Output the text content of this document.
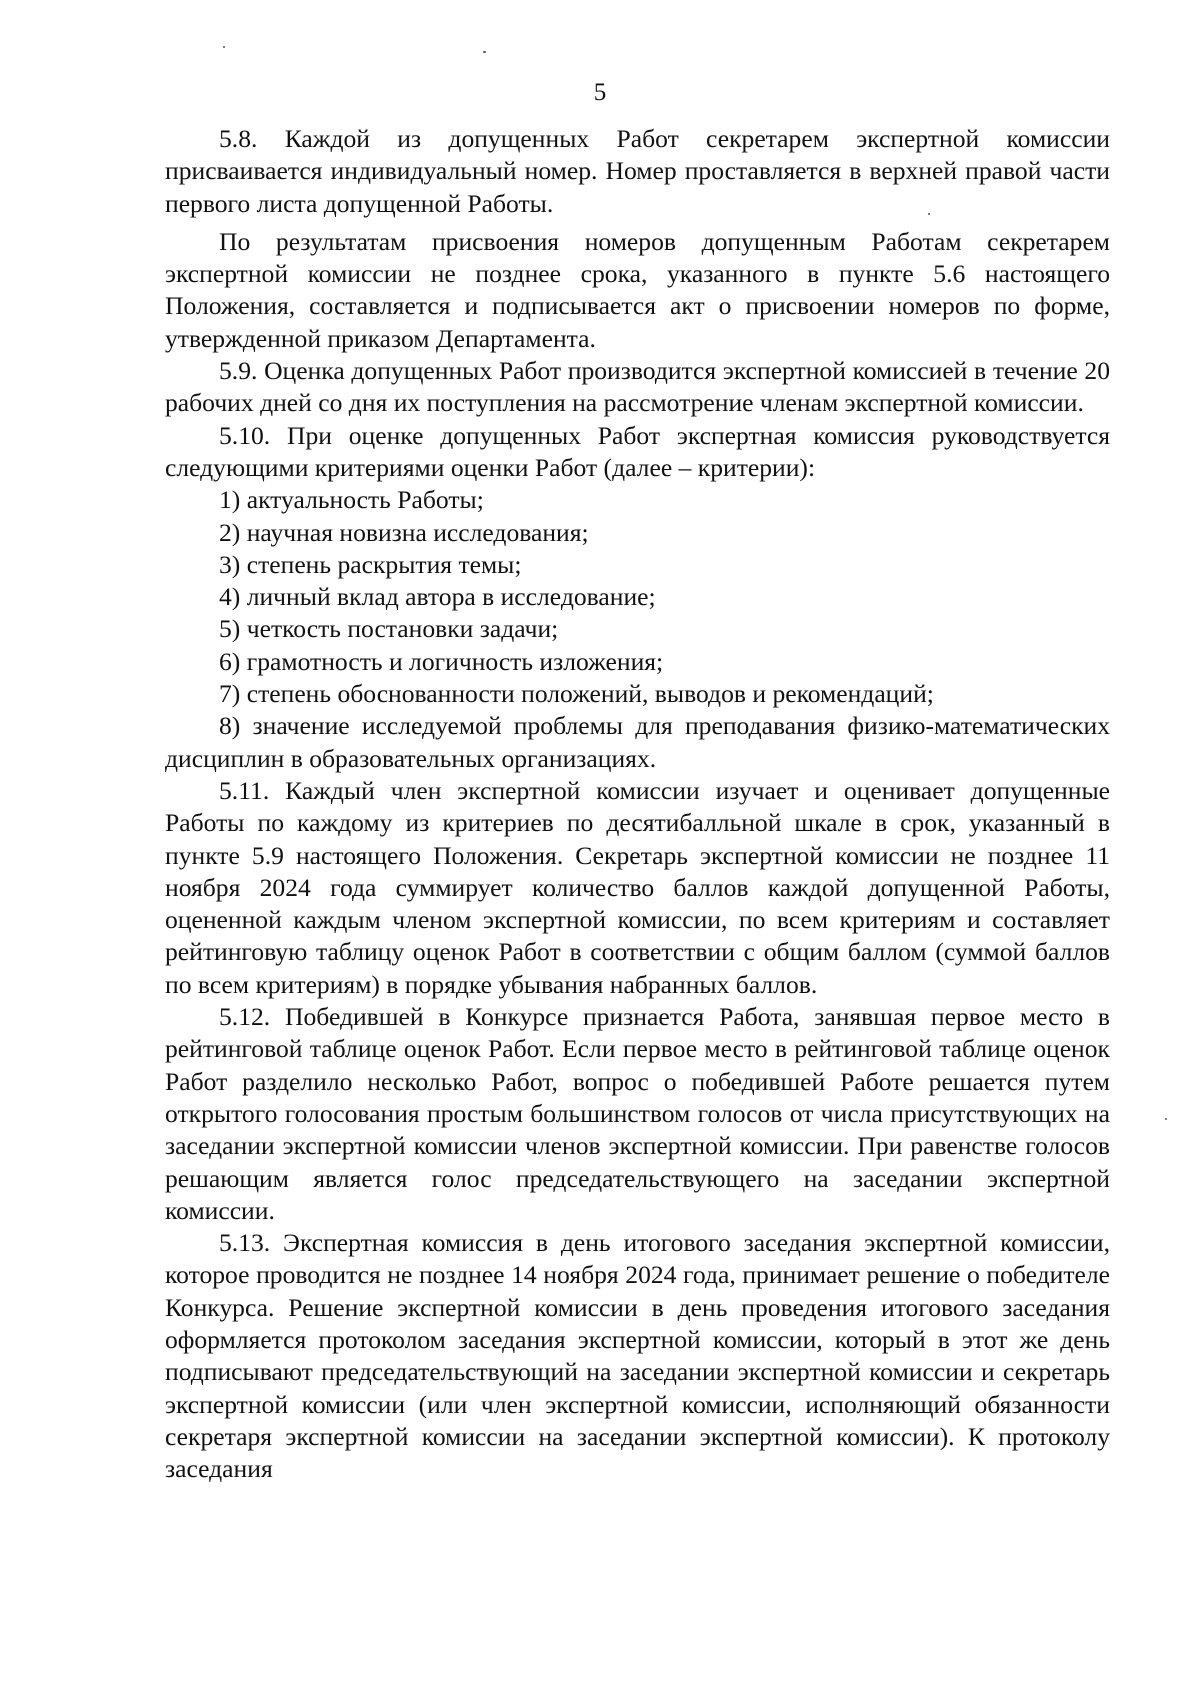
5

5.8. Каждой из допущенных Работ секретарем экспертной комиссии присваивается индивидуальный номер. Номер проставляется в верхней правой части первого листа допущенной Работы.

По результатам присвоения номеров допущенным Работам секретарем экспертной комиссии не позднее срока, указанного в пункте 5.6 настоящего Положения, составляется и подписывается акт о присвоении номеров по форме, утвержденной приказом Департамента.

5.9. Оценка допущенных Работ производится экспертной комиссией в течение 20 рабочих дней со дня их поступления на рассмотрение членам экспертной комиссии.

5.10. При оценке допущенных Работ экспертная комиссия руководствуется следующими критериями оценки Работ (далее – критерии):

1) актуальность Работы;

2) научная новизна исследования;

3) степень раскрытия темы;

4) личный вклад автора в исследование;

5) четкость постановки задачи;

6) грамотность и логичность изложения;

7) степень обоснованности положений, выводов и рекомендаций;

8) значение исследуемой проблемы для преподавания физико-математических дисциплин в образовательных организациях.

5.11. Каждый член экспертной комиссии изучает и оценивает допущенные Работы по каждому из критериев по десятибалльной шкале в срок, указанный в пункте 5.9 настоящего Положения. Секретарь экспертной комиссии не позднее 11 ноября 2024 года суммирует количество баллов каждой допущенной Работы, оцененной каждым членом экспертной комиссии, по всем критериям и составляет рейтинговую таблицу оценок Работ в соответствии с общим баллом (суммой баллов по всем критериям) в порядке убывания набранных баллов.

5.12. Победившей в Конкурсе признается Работа, занявшая первое место в рейтинговой таблице оценок Работ. Если первое место в рейтинговой таблице оценок Работ разделило несколько Работ, вопрос о победившей Работе решается путем открытого голосования простым большинством голосов от числа присутствующих на заседании экспертной комиссии членов экспертной комиссии. При равенстве голосов решающим является голос председательствующего на заседании экспертной комиссии.

5.13. Экспертная комиссия в день итогового заседания экспертной комиссии, которое проводится не позднее 14 ноября 2024 года, принимает решение о победителе Конкурса. Решение экспертной комиссии в день проведения итогового заседания оформляется протоколом заседания экспертной комиссии, который в этот же день подписывают председательствующий на заседании экспертной комиссии и секретарь экспертной комиссии (или член экспертной комиссии, исполняющий обязанности секретаря экспертной комиссии на заседании экспертной комиссии). К протоколу заседания
